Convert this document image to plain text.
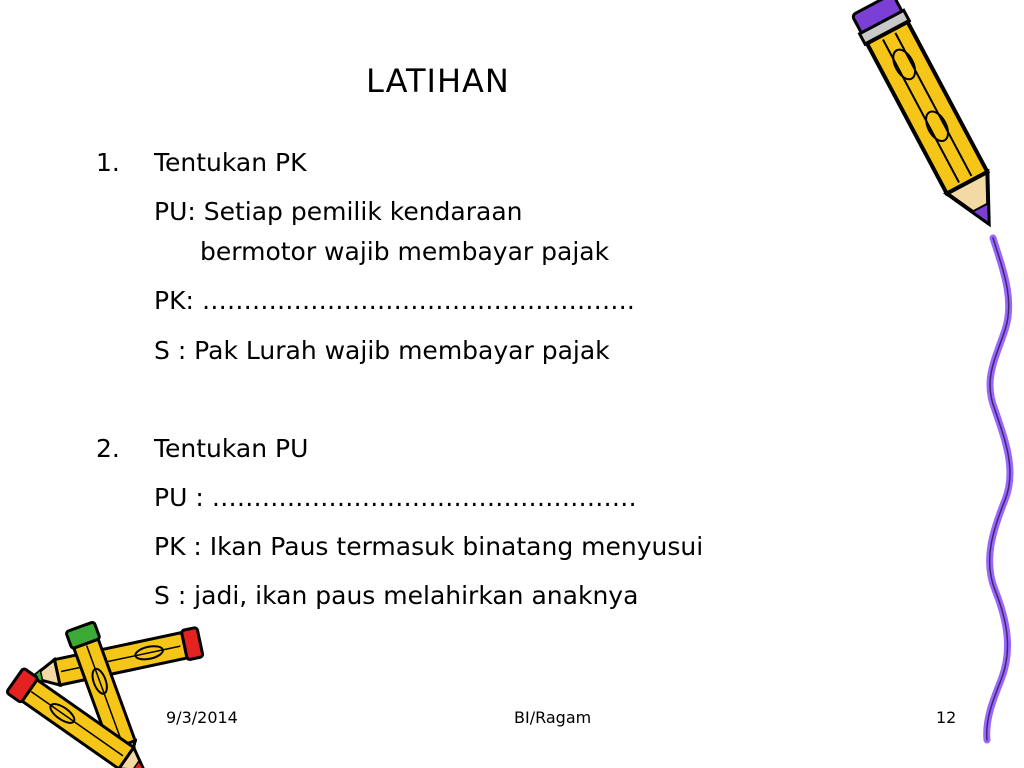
LATIHAN
1. Tentukan PK
PU: Setiap pemilik kendaraan
bermotor wajib membayar pajak
PK: …………………………………………….
S : Pak Lurah wajib membayar pajak
2. Tentukan PU
PU : ……………………………………………
PK : Ikan Paus termasuk binatang menyusui
S : jadi, ikan paus melahirkan anaknya
9/3/2014	BI/Ragam	12
